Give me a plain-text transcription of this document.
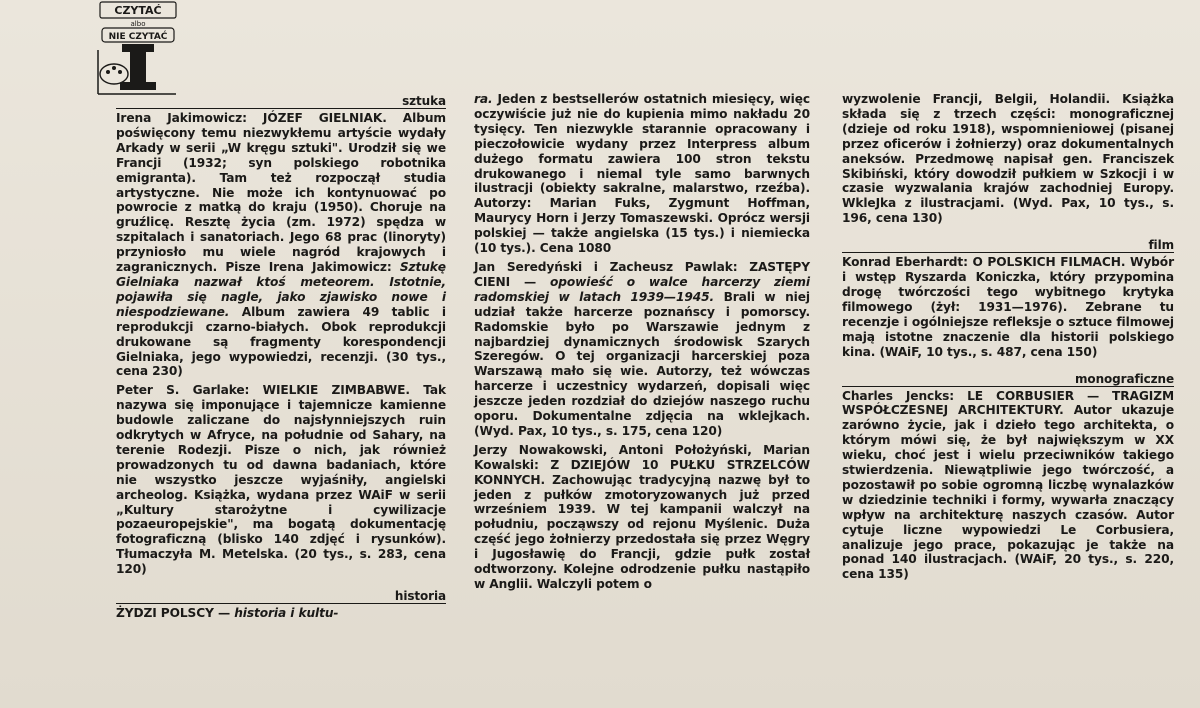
CZYTAĆ
albo
NIE CZYTAĆ
sztuka

Irena Jakimowicz: JÓZEF GIELNIAK. Album poświęcony temu niezwykłemu artyście wydały Arkady w serii „W kręgu sztuki". Urodził się we Francji (1932; syn polskiego robotnika emigranta). Tam też rozpoczął studia artystyczne. Nie może ich kontynuować po powrocie z matką do kraju (1950). Choruje na gruźlicę. Resztę życia (zm. 1972) spędza w szpitalach i sanatoriach. Jego 68 prac (linoryty) przyniosło mu wiele nagród krajowych i zagranicznych. Pisze Irena Jakimowicz: Sztukę Gielniaka nazwał ktoś meteorem. Istotnie, pojawiła się nagle, jako zjawisko nowe i niespodziewane. Album zawiera 49 tablic i reprodukcji czarno-białych. Obok reprodukcji drukowane są fragmenty korespondencji Gielniaka, jego wypowiedzi, recenzji. (30 tys., cena 230)

Peter S. Garlake: WIELKIE ZIMBABWE. Tak nazywa się imponujące i tajemnicze kamienne budowle zaliczane do najsłynniejszych ruin odkrytych w Afryce, na południe od Sahary, na terenie Rodezji. Pisze o nich, jak również prowadzonych tu od dawna badaniach, które nie wszystko jeszcze wyjaśniły, angielski archeolog. Książka, wydana przez WAiF w serii „Kultury starożytne i cywilizacje pozaeuropejskie", ma bogatą dokumentację fotograficzną (blisko 140 zdjęć i rysunków). Tłumaczyła M. Metelska. (20 tys., s. 283, cena 120)

historia

ŻYDZI POLSCY — historia i kultu-

ra. Jeden z bestsellerów ostatnich miesięcy, więc oczywiście już nie do kupienia mimo nakładu 20 tysięcy. Ten niezwykle starannie opracowany i pieczołowicie wydany przez Interpress album dużego formatu zawiera 100 stron tekstu drukowanego i niemal tyle samo barwnych ilustracji (obiekty sakralne, malarstwo, rzeźba). Autorzy: Marian Fuks, Zygmunt Hoffman, Maurycy Horn i Jerzy Tomaszewski. Oprócz wersji polskiej — także angielska (15 tys.) i niemiecka (10 tys.). Cena 1080

Jan Seredyński i Zacheusz Pawlak: ZASTĘPY CIENI — opowieść o walce harcerzy ziemi radomskiej w latach 1939—1945. Brali w niej udział także harcerze poznańscy i pomorscy. Radomskie było po Warszawie jednym z najbardziej dynamicznych środowisk Szarych Szeregów. O tej organizacji harcerskiej poza Warszawą mało się wie. Autorzy, też wówczas harcerze i uczestnicy wydarzeń, dopisali więc jeszcze jeden rozdział do dziejów naszego ruchu oporu. Dokumentalne zdjęcia na wklejkach. (Wyd. Pax, 10 tys., s. 175, cena 120)

Jerzy Nowakowski, Antoni Położyński, Marian Kowalski: Z DZIEJÓW 10 PUŁKU STRZELCÓW KONNYCH. Zachowując tradycyjną nazwę był to jeden z pułków zmotoryzowanych już przed wrześniem 1939. W tej kampanii walczył na południu, począwszy od rejonu Myślenic. Duża część jego żołnierzy przedostała się przez Węgry i Jugosławię do Francji, gdzie pułk został odtworzony. Kolejne odrodzenie pułku nastąpiło w Anglii. Walczyli potem o

wyzwolenie Francji, Belgii, Holandii. Książka składa się z trzech części: monograficznej (dzieje od roku 1918), wspomnieniowej (pisanej przez oficerów i żołnierzy) oraz dokumentalnych aneksów. Przedmowę napisał gen. Franciszek Skibiński, który dowodził pułkiem w Szkocji i w czasie wyzwalania krajów zachodniej Europy. WkleJka z ilustracjami. (Wyd. Pax, 10 tys., s. 196, cena 130)

film

Konrad Eberhardt: O POLSKICH FILMACH. Wybór i wstęp Ryszarda Koniczka, który przypomina drogę twórczości tego wybitnego krytyka filmowego (żył: 1931—1976). Zebrane tu recenzje i ogólniejsze refleksje o sztuce filmowej mają istotne znaczenie dla historii polskiego kina. (WAiF, 10 tys., s. 487, cena 150)

monograficzne

Charles Jencks: LE CORBUSIER — TRAGIZM WSPÓŁCZESNEJ ARCHITEKTURY. Autor ukazuje zarówno życie, jak i dzieło tego architekta, o którym mówi się, że był największym w XX wieku, choć jest i wielu przeciwników takiego stwierdzenia. Niewątpliwie jego twórczość, a pozostawił po sobie ogromną liczbę wynalazków w dziedzinie techniki i formy, wywarła znaczący wpływ na architekturę naszych czasów. Autor cytuje liczne wypowiedzi Le Corbusiera, analizuje jego prace, pokazując je także na ponad 140 ilustracjach. (WAiF, 20 tys., s. 220, cena 135)
